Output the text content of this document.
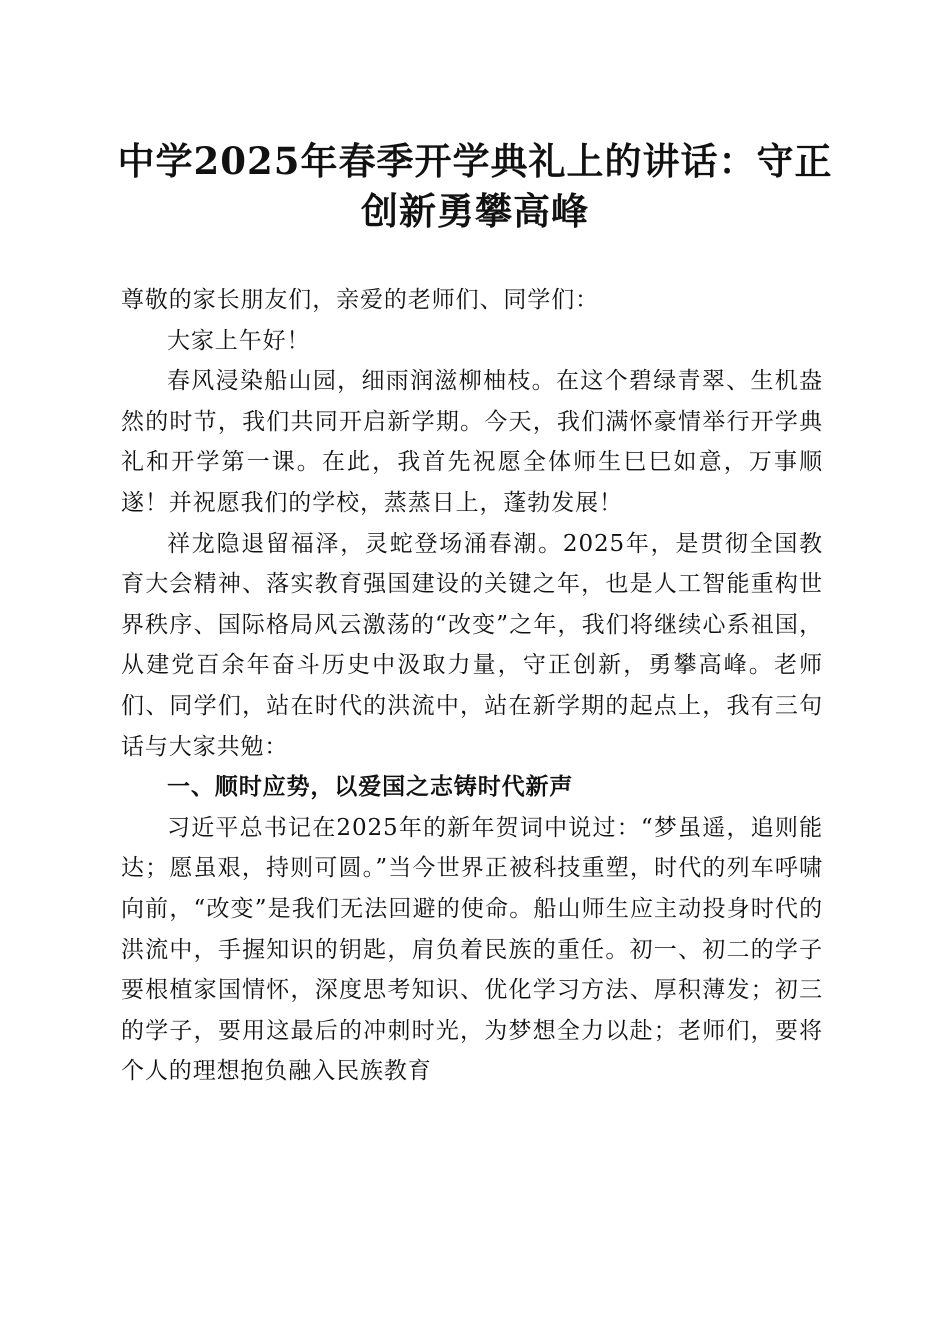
中学2025年春季开学典礼上的讲话：守正创新勇攀高峰

尊敬的家长朋友们，亲爱的老师们、同学们：

大家上午好！

春风浸染船山园，细雨润滋柳柚枝。在这个碧绿青翠、生机盎然的时节，我们共同开启新学期。今天，我们满怀豪情举行开学典礼和开学第一课。在此，我首先祝愿全体师生巳巳如意，万事顺遂！并祝愿我们的学校，蒸蒸日上，蓬勃发展！

祥龙隐退留福泽，灵蛇登场涌春潮。2025年，是贯彻全国教育大会精神、落实教育强国建设的关键之年，也是人工智能重构世界秩序、国际格局风云激荡的“改变”之年，我们将继续心系祖国，从建党百余年奋斗历史中汲取力量，守正创新，勇攀高峰。老师们、同学们，站在时代的洪流中，站在新学期的起点上，我有三句话与大家共勉：

一、顺时应势，以爱国之志铸时代新声

习近平总书记在2025年的新年贺词中说过：“梦虽遥，追则能达；愿虽艰，持则可圆。”当今世界正被科技重塑，时代的列车呼啸向前，“改变”是我们无法回避的使命。船山师生应主动投身时代的洪流中，手握知识的钥匙，肩负着民族的重任。初一、初二的学子要根植家国情怀，深度思考知识、优化学习方法、厚积薄发；初三的学子，要用这最后的冲刺时光，为梦想全力以赴；老师们，要将个人的理想抱负融入民族教育
